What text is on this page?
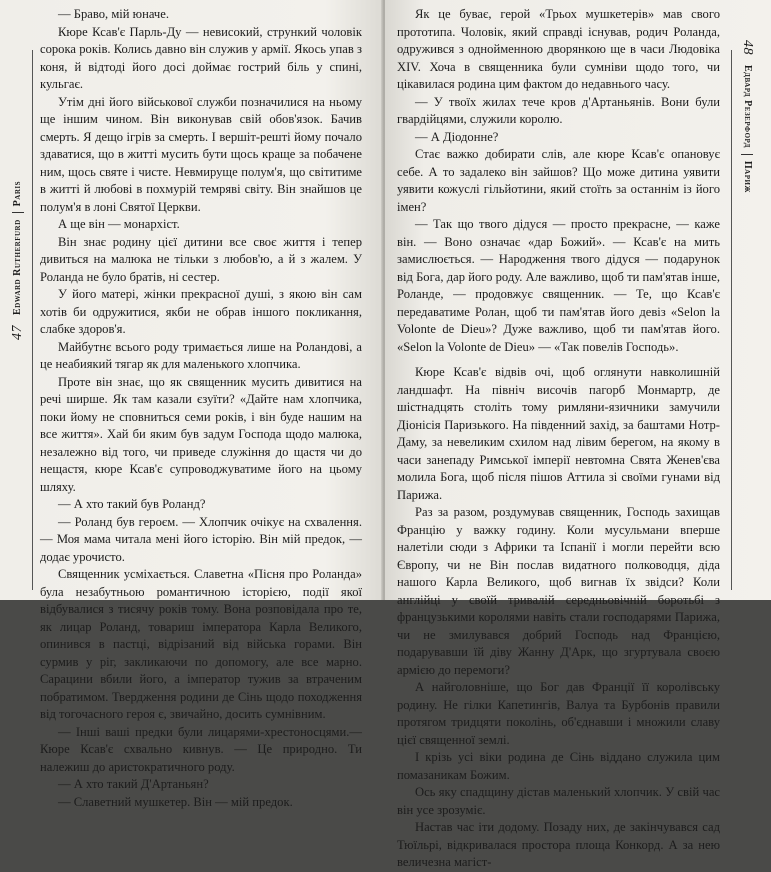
47
Edward Rutherfurd
Paris

— Браво, мій юначе.

Кюре Ксав'є Парль-Ду — невисокий, стрункий чоловік сорока років. Колись давно він служив у армії. Якось упав з коня, й відтоді його досі доймає гострий біль у спині, кульгає.

Утім дні його військової служби позначилися на ньому ще іншим чином. Він виконував свій обов'язок. Бачив смерть. Я дещо ігрів за смерть. І вершіт-решті йому почало здаватися, що в житті мусить бути щось краще за побачене ним, щось святе і чисте. Невмируще полум'я, що світитиме в житті й любові в похмурій темряві світу. Він знайшов це полум'я в лоні Святої Церкви.

А ще він — монархіст.

Він знає родину цієї дитини все своє життя і тепер дивиться на малюка не тільки з любов'ю, а й з жалем. У Роланда не було братів, ні сестер.

У його матері, жінки прекрасної душі, з якою він сам хотів би одружитися, якби не обрав іншого покликання, слабке здоров'я.

Майбутнє всього роду тримається лише на Роландові, а це неабиякий тягар як для маленького хлопчика.

Проте він знає, що як священник мусить дивитися на речі ширше. Як там казали єзуїти? «Дайте нам хлопчика, поки йому не сповниться семи років, і він буде нашим на все життя». Хай би яким був задум Господа щодо малюка, незалежно від того, чи приведе служіння до щастя чи до нещастя, кюре Ксав'є супроводжуватиме його на цьому шляху.

— А хто такий був Роланд?

— Роланд був героєм. — Хлопчик очікує на схвалення. — Моя мама читала мені його історію. Він мій предок, — додає урочисто.

Священник усміхається. Славетна «Пісня про Роланда» була незабутньою романтичною історією, події якої відбувалися з тисячу років тому. Вона розповідала про те, як лицар Роланд, товариш імператора Карла Великого, опинився в пастці, відрізаний від війська горами. Він сурмив у ріг, закликаючи по допомогу, але все марно. Сарацини вбили його, а імператор тужив за втраченим побратимом. Твердження родини де Сінь щодо походження від тогочасного героя є, звичайно, досить сумнівним.

— Інші ваші предки були лицарями-хрестоносцями.— Кюре Ксав'є схвально кивнув. — Це природно. Ти належиш до аристократичного роду.

— А хто такий Д'Артаньян?

— Славетний мушкетер. Він — мій предок.

Як це буває, герой «Трьох мушкетерів» мав свого прототипа. Чоловік, який справді існував, родич Роланда, одружився з однойменною дворянкою ще в часи Людовіка XIV. Хоча в священника були сумніви щодо того, чи цікавилася родина цим фактом до недавнього часу.

— У твоїх жилах тече кров д'Артаньянів. Вони були гвардійцями, служили королю.

— А Діодонне?

Стає важко добирати слів, але кюре Ксав'є опановує себе. А то задалеко він зайшов? Що може дитина уявити уявити кожуслі гільйотини, який стоїть за останнім із його імен?

— Так що твого дідуся — просто прекрасне, — каже він. — Воно означає «дар Божий». — Ксав'є на мить замислюється. — Народження твого дідуся — подарунок від Бога, дар його роду. Але важливо, щоб ти пам'ятав інше, Роланде, — продовжує священник. — Те, що Ксав'є передаватиме Ролан, щоб ти пам'ятав його девіз «Selon la Volonte de Dieu»? Дуже важливо, щоб ти пам'ятав його. «Selon la Volonte de Dieu» — «Так повелів Господь».

Кюре Ксав'є відвів очі, щоб оглянути навколишній ландшафт. На північ височів пагорб Монмартр, де шістнадцять століть тому римляни-язичники замучили Діонісія Паризького. На південний захід, за баштами Нотр-Даму, за невеликим схилом над лівим берегом, на якому в часи занепаду Римської імперії невтомна Свята Женев'єва молила Бога, щоб після пішов Аттила зі своїми гунами від Парижа.

Раз за разом, роздумував священник, Господь захищав Францію у важку годину. Коли мусульмани вперше налетіли сюди з Африки та Іспанії і могли перейти всю Європу, чи не Він послав видатного полководця, діда нашого Карла Великого, щоб вигнав їх звідси? Коли англійці у своїй тривалій середньовічній боротьбі з французькими королями навіть стали господарями Парижа, чи не змилувався добрий Господь над Францією, подарувавши їй діву Жанну Д'Арк, що згуртувала своєю армією до перемоги?

А найголовніше, що Бог дав Франції її королівську родину. Не гілки Капетингів, Валуа та Бурбонів правили протягом тридцяти поколінь, об'єднавши і множили славу цієї священної землі.

І крізь усі віки родина де Сінь віддано служила цим помазаникам Божим.

Ось яку спадщину дістав маленький хлопчик. У свій час він усе зрозуміє.

Настав час іти додому. Позаду них, де закінчувався сад Тюїльрі, відкривалася простора площа Конкорд. А за нею величезна магіст-

48
Едвард Резерфорд
Париж
